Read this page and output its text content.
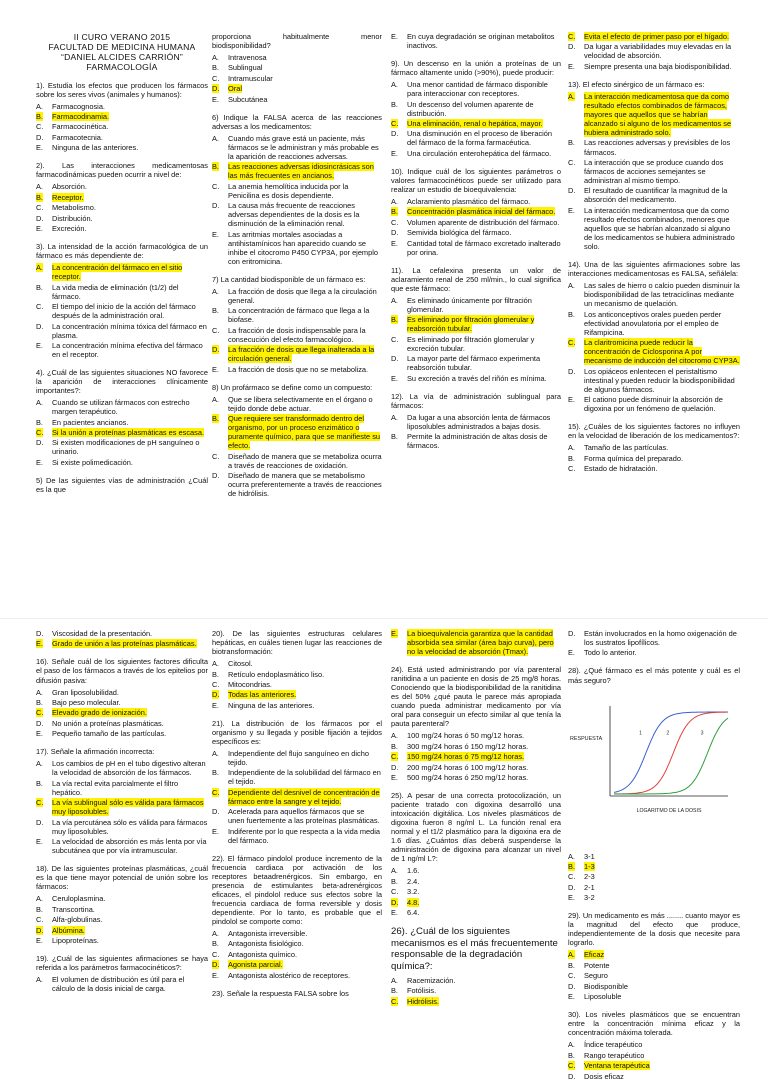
II CURO VERANO 2015
FACULTAD DE MEDICINA HUMANA
“DANIEL ALCIDES CARRIÓN”
FARMACOLOGÍA

1). Estudia los efectos que producen los fármacos sobre los seres vivos (animales y humanos):

A. Farmacognosia.
B. Farmacodinamia.
C. Farmacocinética.
D. Farmacotecnia.
E. Ninguna de las anteriores.

2). Las interacciones medicamentosas farmacodinámicas pueden ocurrir a nivel de:

A. Absorción.
B. Receptor.
C. Metabolismo.
D. Distribución.
E. Excreción.

3). La intensidad de la acción farmacológica de un fármaco es más dependiente de:

A. La concentración del fármaco en el sitio receptor.
B. La vida media de eliminación (t1/2) del fármaco.
C. El tiempo del inicio de la acción del fármaco después de la administración oral.
D. La concentración mínima tóxica del fármaco en plasma.
E. La concentración mínima efectiva del fármaco en el receptor.

4). ¿Cuál de las siguientes situaciones NO favorece la aparición de interacciones clínicamente importantes?:

A. Cuando se utilizan fármacos con estrecho margen terapéutico.
B. En pacientes ancianos.
C. Si la unión a proteínas plasmáticas es escasa.
D. Si existen modificaciones de pH sanguíneo o urinario.
E. Si existe polimedicación.

5) De las siguientes vías de administración ¿Cuál es la que

proporciona habitualmente menor biodisponibilidad?

A. Intravenosa
B. Sublingual
C. Intramuscular
D. Oral
E. Subcutánea

6) Indique la FALSA acerca de las reacciones adversas a los medicamentos:

A. Cuando más grave está un paciente, más fármacos se le administran y más probable es la aparición de reacciones adversas.
B. Las reacciones adversas idiosincrásicas son las más frecuentes en ancianos.
C. La anemia hemolítica inducida por la Penicilina es dosis dependiente.
D. La causa más frecuente de reacciones adversas dependientes de la dosis es la disminución de la eliminación renal.
E. Las arritmias mortales asociadas a antihistamínicos han aparecido cuando se inhibe el citocromo P450 CYP3A, por ejemplo con eritromicina.

7) La cantidad biodisponible de un fármaco es:

A. La fracción de dosis que llega a la circulación general.
B. La concentración de fármaco que llega a la biofase.
C. La fracción de dosis indispensable para la consecución del efecto farmacológico.
D. La fracción de dosis que llega inalterada a la circulación general.
E. La fracción de dosis que no se metaboliza.

8) Un profármaco se define como un compuesto:

A. Que se libera selectivamente en el órgano o tejido donde debe actuar.
B. Que requiere ser transformado dentro del organismo, por un proceso enzimático o puramente químico, para que se manifieste su efecto.
C. Diseñado de manera que se metaboliza ocurra a través de reacciones de oxidación.
D. Diseñado de manera que se metabolismo ocurra preferentemente a través de reacciones de hidrólisis.
E. En cuya degradación se originan metabolitos inactivos.

9). Un descenso en la unión a proteínas de un fármaco altamente unido (>90%), puede producir:

A. Una menor cantidad de fármaco disponible para interaccionar con receptores.
B. Un descenso del volumen aparente de distribución.
C. Una eliminación, renal o hepática, mayor.
D. Una disminución en el proceso de liberación del fármaco de la forma farmacéutica.
E. Una circulación enterohepática del fármaco.

10). Indique cuál de los siguientes parámetros o valores farmacocinéticos puede ser utilizado para realizar un estudio de bioequivalencia:

A. Aclaramiento plasmático del fármaco.
B. Concentración plasmática inicial del fármaco.
C. Volumen aparente de distribución del fármaco.
D. Semivida biológica del fármaco.
E. Cantidad total de fármaco excretado inalterado por orina.

11). La cefalexina presenta un valor de aclaramiento renal de 250 ml/min., lo cual significa que este fármaco:

A. Es eliminado únicamente por filtración glomerular.
B. Es eliminado por filtración glomerular y reabsorción tubular.
C. Es eliminado por filtración glomerular y excreción tubular.
D. La mayor parte del fármaco experimenta reabsorción tubular.
E. Su excreción a través del riñón es mínima.

12). La vía de administración sublingual para fármacos:

A. Da lugar a una absorción lenta de fármacos liposolubles administrados a bajas dosis.
B. Permite la administración de altas dosis de fármacos.
C. Evita el efecto de primer paso por el hígado.
D. Da lugar a variabilidades muy elevadas en la velocidad de absorción.
E. Siempre presenta una baja biodisponibilidad.

13). El efecto sinérgico de un fármaco es:

A. La interacción medicamentosa que da como resultado efectos combinados de fármacos, mayores que aquellos que se habrían alcanzado si alguno de los medicamentos se hubiera administrado solo.
B. Las reacciones adversas y previsibles de los fármacos.
C. La interacción que se produce cuando dos fármacos de acciones semejantes se administran al mismo tiempo.
D. El resultado de cuantificar la magnitud de la absorción del medicamento.
E. La interacción medicamentosa que da como resultado efectos combinados, menores que aquellos que se habrían alcanzado si alguno de los medicamentos se hubiera administrado solo.

14). Una de las siguientes afirmaciones sobre las interacciones medicamentosas es FALSA, señálela:

A. Las sales de hierro o calcio pueden disminuir la biodisponibilidad de las tetraciclinas mediante un mecanismo de quelación.
B. Los anticonceptivos orales pueden perder efectividad anovulatoria por el empleo de Rifampicina.
C. La claritromicina puede reducir la concentración de Ciclosporina A por mecanismo de inducción del citocromo CYP3A.
D. Los opiáceos enlentecen el peristaltismo intestinal y pueden reducir la biodisponibilidad de algunos fármacos.
E. El cationo puede disminuir la absorción de digoxina por un fenómeno de quelación.

15). ¿Cuáles de los siguientes factores no influyen en la velocidad de liberación de los medicamentos?:

A. Tamaño de las partículas.
B. Forma química del preparado.
C. Estado de hidratación.
D. Viscosidad de la presentación.
E. Grado de unión a las proteínas plasmáticas.

16). Señale cuál de los siguientes factores dificulta el paso de los fármacos a través de los epitelios por difusión pasiva:

A. Gran liposolubilidad.
B. Bajo peso molecular.
C. Elevado grado de ionización.
D. No unión a proteínas plasmáticas.
E. Pequeño tamaño de las partículas.

17). Señale la afirmación incorrecta:

A. Los cambios de pH en el tubo digestivo alteran la velocidad de absorción de los fármacos.
B. La vía rectal evita parcialmente el filtro hepático.
C. La vía sublingual sólo es válida para fármacos muy liposolubles.
D. La vía percutánea sólo es válida para fármacos muy liposolubles.
E. La velocidad de absorción es más lenta por vía subcutánea que por vía intramuscular.

18). De las siguientes proteínas plasmáticas, ¿cuál es la que tiene mayor potencial de unión sobre los fármacos:

A. Ceruloplasmina.
B. Transcortina.
C. Alfa-globulinas.
D. Albúmina.
E. Lipoproteínas.

19). ¿Cuál de las siguientes afirmaciones se haya referida a los parámetros farmacocinéticos?:

A. El volumen de distribución es útil para el cálculo de la dosis inicial de carga.

20). De las siguientes estructuras celulares hepáticas, en cuáles tienen lugar las reacciones de biotransformación:

A. Citosol.
B. Retículo endoplasmático liso.
C. Mitocondrias.
D. Todas las anteriores.
E. Ninguna de las anteriores.

21). La distribución de los fármacos por el organismo y su llegada y posible fijación a tejidos específicos es:

A. Independiente del flujo sanguíneo en dicho tejido.
B. Independiente de la solubilidad del fármaco en el tejido.
C. Dependiente del desnivel de concentración de fármaco entre la sangre y el tejido.
D. Acelerada para aquellos fármacos que se unen fuertemente a las proteínas plasmáticas.
E. Indiferente por lo que respecta a la vida media del fármaco.

22). El fármaco pindolol produce incremento de la frecuencia cardiaca por activación de los receptores betaadrenérgicos. Sin embargo, en presencia de estimulantes beta-adrenérgicos eficaces, el pindolol reduce sus efectos sobre la frecuencia cardiaca de forma reversible y dosis dependiente. Por lo tanto, es probable que el pindolol se comporte como:

A. Antagonista irreversible.
B. Antagonista fisiológico.
C. Antagonista químico.
D. Agonista parcial.
E. Antagonista alostérico de receptores.

23). Señale la respuesta FALSA sobre los

E. La bioequivalencia garantiza que la cantidad absorbida sea similar (área bajo curva), pero no la velocidad de absorción (Tmax).

24). Está usted administrando por vía parenteral ranitidina a un paciente en dosis de 25 mg/8 horas. Conociendo que la biodisponibilidad de la ranitidina es del 50% ¿qué pauta le parece más apropiada cuando pueda administrar medicamento por vía oral para conseguir un efecto similar al que tenía la pauta parenteral?

A. 100 mg/24 horas ó 50 mg/12 horas.
B. 300 mg/24 horas ó 150 mg/12 horas.
C. 150 mg/24 horas ó 75 mg/12 horas.
D. 200 mg/24 horas ó 100 mg/12 horas.
E. 500 mg/24 horas ó 250 mg/12 horas.

25). A pesar de una correcta protocolización, un paciente tratado con digoxina desarrolló una intoxicación digitálica. Los niveles plasmáticos de digoxina fueron 8 ng/ml L. La función renal era normal y el t1/2 plasmático para la digoxina era de 1.6 días. ¿Cuántos días deberá suspenderse la administración de digoxina para alcanzar un nivel de 1 ng/ml L?:

A. 1.6.
B. 2.4.
C. 3.2.
D. 4.8.
E. 6.4.

26). ¿Cuál de los siguientes mecanismos es el más frecuentemente responsable de la degradación química?:

A. Racemización.
B. Fotólisis.
C. Hidrólisis.
D. Están involucrados en la homo oxigenación de los sustratos lipofílicos.
E. Todo lo anterior.

28). ¿Qué fármaco es el más potente y cuál es el más seguro?

RESPUESTA
LOGARITMO DE LA DOSIS
1	2	3
A. 3-1
B. 1-3
C. 2-3
D. 2-1
E. 3-2

29). Un medicamento es más ........ cuanto mayor es la magnitud del efecto que produce, independientemente de la dosis que necesite para lograrlo.

A. Eficaz
B. Potente
C. Seguro
D. Biodisponible
E. Liposoluble

30). Los niveles plasmáticos que se encuentran entre la concentración mínima eficaz y la concentración máxima tolerada.

A. Índice terapéutico
B. Rango terapéutico
C. Ventana terapéutica
D. Dosis eficaz
